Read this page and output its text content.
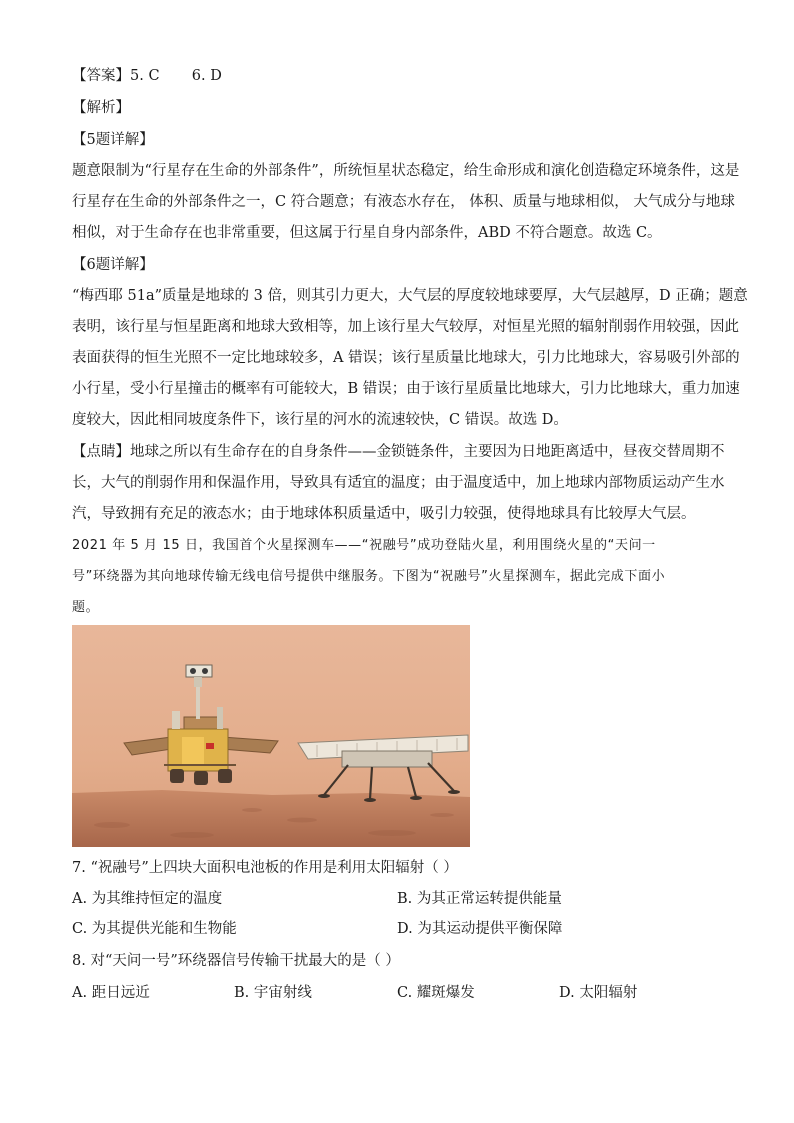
【答案】5. C       6. D
【解析】
【5题详解】
题意限制为“行星存在生命的外部条件”，所统恒星状态稳定，给生命形成和演化创造稳定环境条件，这是
行星存在生命的外部条件之一，C 符合题意；有液态水存在， 体积、质量与地球相似， 大气成分与地球
相似，对于生命存在也非常重要，但这属于行星自身内部条件，ABD 不符合题意。故选 C。
【6题详解】
“梅西耶 51a”质量是地球的 3 倍，则其引力更大，大气层的厚度较地球要厚，大气层越厚，D 正确；题意
表明，该行星与恒星距离和地球大致相等，加上该行星大气较厚，对恒星光照的辐射削弱作用较强，因此
表面获得的恒生光照不一定比地球较多，A 错误；该行星质量比地球大，引力比地球大，容易吸引外部的
小行星，受小行星撞击的概率有可能较大，B 错误；由于该行星质量比地球大，引力比地球大，重力加速
度较大，因此相同坡度条件下，该行星的河水的流速较快，C 错误。故选 D。
【点睛】地球之所以有生命存在的自身条件——金锁链条件，主要因为日地距离适中，昼夜交替周期不
长，大气的削弱作用和保温作用，导致具有适宜的温度；由于温度适中，加上地球内部物质运动产生水
汽，导致拥有充足的液态水；由于地球体积质量适中，吸引力较强，使得地球具有比较厚大气层。
2021 年 5 月 15 日，我国首个火星探测车——“祝融号”成功登陆火星，利用围绕火星的“天问一
号”环绕器为其向地球传输无线电信号提供中继服务。下图为“祝融号”火星探测车，据此完成下面小
题。
7. “祝融号”上四块大面积电池板的作用是利用太阳辐射（ ）
A. 为其维持恒定的温度	B. 为其正常运转提供能量
C. 为其提供光能和生物能	D. 为其运动提供平衡保障
8. 对“天问一号”环绕器信号传输干扰最大的是（ ）
A. 距日远近	B. 宇宙射线	C. 耀斑爆发	D. 太阳辐射
